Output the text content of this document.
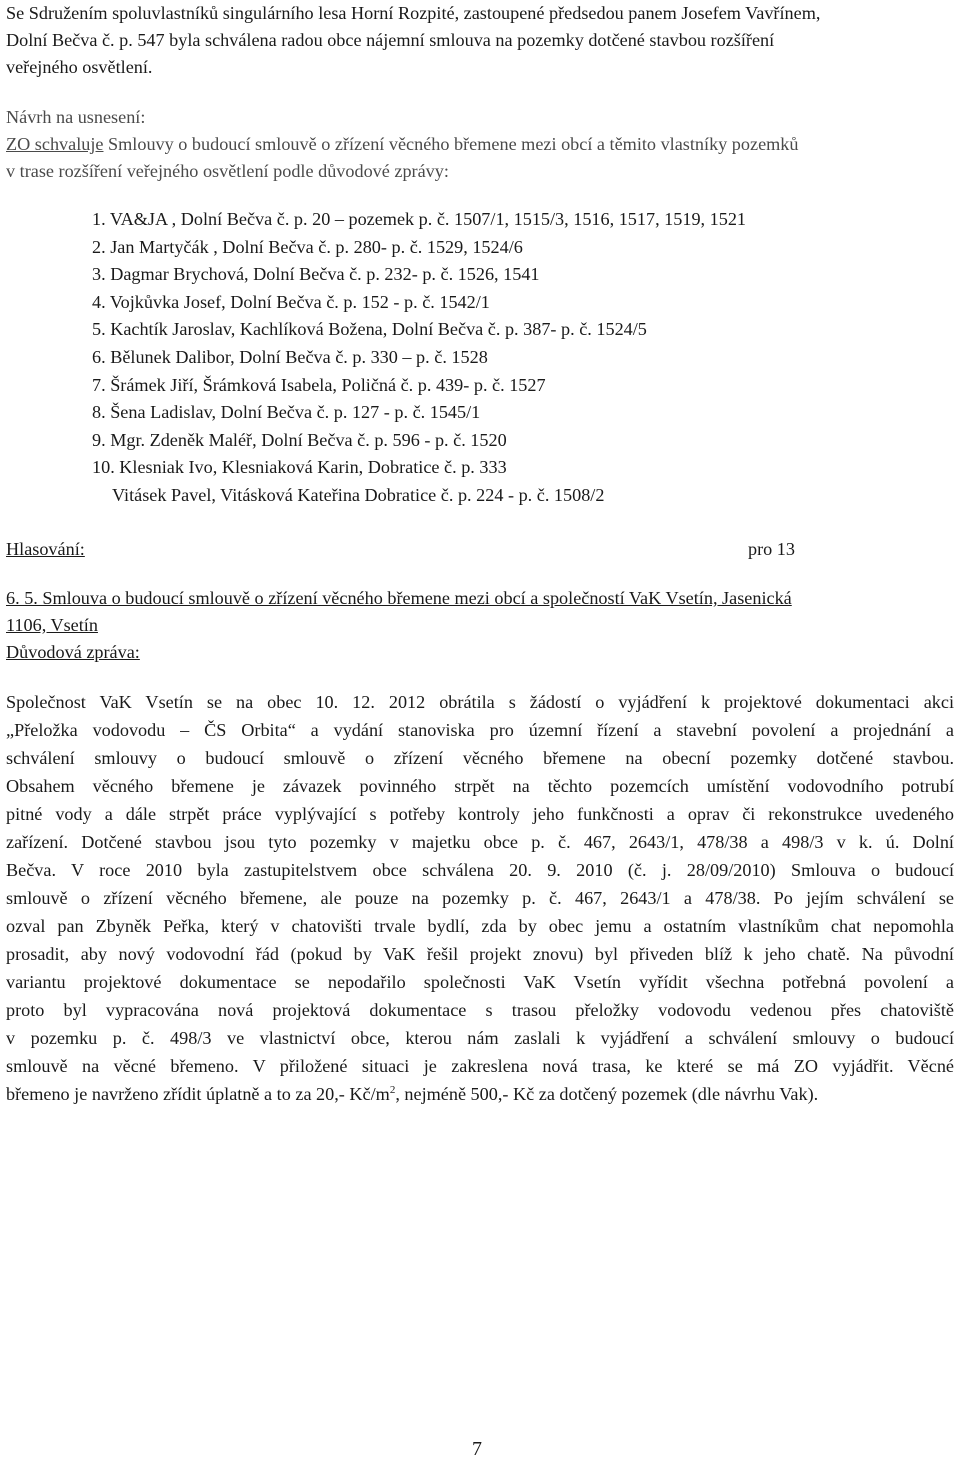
Se Sdružením spoluvlastníků singulárního lesa Horní Rozpité, zastoupené předsedou panem Josefem Vavřínem,
Dolní Bečva č. p. 547 byla schválena radou obce nájemní smlouva na pozemky dotčené stavbou rozšíření
veřejného osvětlení.
Návrh na usnesení:
ZO schvaluje Smlouvy o budoucí smlouvě o zřízení věcného břemene mezi obcí a těmito vlastníky pozemků
v trase rozšíření veřejného osvětlení podle důvodové zprávy:
1. VA&JA , Dolní Bečva č. p. 20 – pozemek p. č. 1507/1, 1515/3, 1516, 1517, 1519, 1521
2. Jan Martyčák , Dolní Bečva č. p. 280- p. č. 1529, 1524/6
3. Dagmar Brychová, Dolní Bečva č. p. 232- p. č. 1526, 1541
4. Vojkůvka Josef, Dolní Bečva č. p. 152 - p. č. 1542/1
5. Kachtík Jaroslav, Kachlíková Božena, Dolní Bečva č. p. 387- p. č. 1524/5
6. Bělunek Dalibor, Dolní Bečva č. p. 330 – p. č. 1528
7. Šrámek Jiří, Šrámková Isabela, Poličná č. p. 439- p. č. 1527
8. Šena Ladislav, Dolní Bečva č. p. 127 - p. č. 1545/1
9. Mgr. Zdeněk Maléř, Dolní Bečva č. p. 596 - p. č. 1520
10. Klesniak Ivo, Klesniaková Karin, Dobratice č. p. 333
Vitásek Pavel, Vitásková Kateřina Dobratice č. p. 224 - p. č. 1508/2
Hlasování:	pro 13
6. 5. Smlouva o budoucí smlouvě o zřízení věcného břemene mezi obcí a společností VaK Vsetín, Jasenická
1106, Vsetín
Důvodová zpráva:
Společnost VaK Vsetín se na obec 10. 12. 2012 obrátila s žádostí o vyjádření k projektové dokumentaci akci
„Přeložka vodovodu – ČS Orbita“ a vydání stanoviska pro územní řízení a stavební povolení a projednání a
schválení smlouvy o budoucí smlouvě o zřízení věcného břemene na obecní pozemky dotčené stavbou.
Obsahem věcného břemene je závazek povinného strpět na těchto pozemcích umístění vodovodního potrubí
pitné vody a dále strpět práce vyplývající s potřeby kontroly jeho funkčnosti a oprav či rekonstrukce uvedeného
zařízení. Dotčené stavbou jsou tyto pozemky v majetku obce p. č. 467, 2643/1, 478/38 a 498/3 v k. ú. Dolní
Bečva. V roce 2010 byla zastupitelstvem obce schválena 20. 9. 2010 (č. j. 28/09/2010) Smlouva o budoucí
smlouvě o zřízení věcného břemene, ale pouze na pozemky p. č. 467, 2643/1 a 478/38. Po jejím schválení se
ozval pan Zbyněk Peřka, který v chatovišti trvale bydlí, zda by obec jemu a ostatním vlastníkům chat nepomohla
prosadit, aby nový vodovodní řád (pokud by VaK řešil projekt znovu) byl přiveden blíž k jeho chatě. Na původní
variantu projektové dokumentace se nepodařilo společnosti VaK Vsetín vyřídit všechna potřebná povolení a
proto byl vypracována nová projektová dokumentace s trasou přeložky vodovodu vedenou přes chatoviště
v pozemku p. č. 498/3 ve vlastnictví obce, kterou nám zaslali k vyjádření a schválení smlouvy o budoucí
smlouvě na věcné břemeno. V přiložené situaci je zakreslena nová trasa, ke které se má ZO vyjádřit. Věcné
břemeno je navrženo zřídit úplatně a to za 20,- $Kč/m^2$, nejméně 500,- Kč za dotčený pozemek (dle návrhu Vak).
7
